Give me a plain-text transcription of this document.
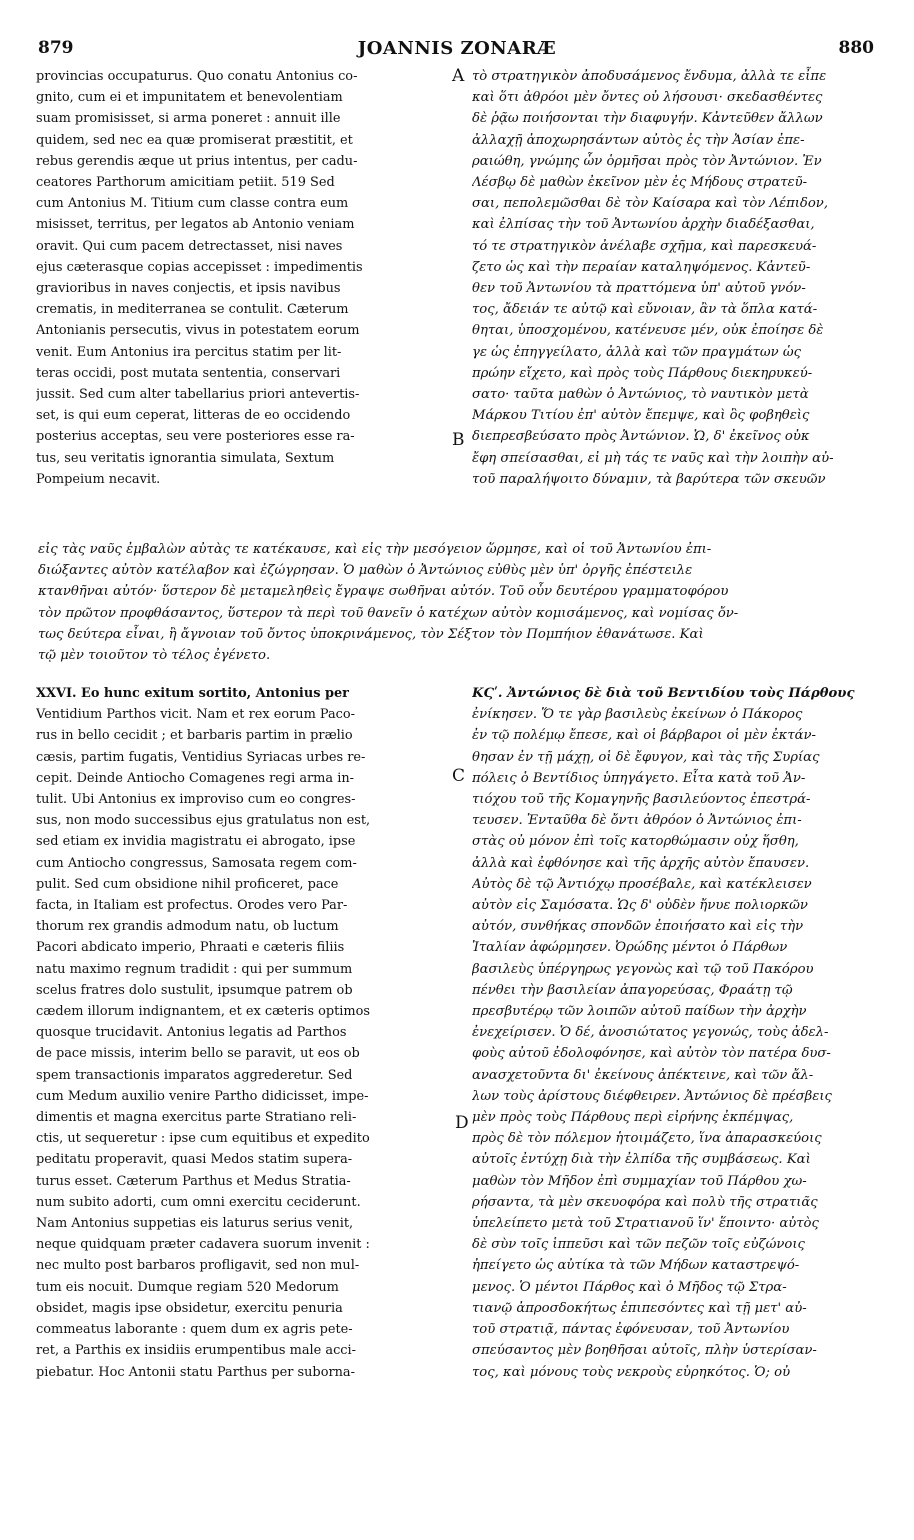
879	JOANNIS ZONARÆ	880
A
B
C
D
provincias occupaturus. Quo conatu Antonius co-
gnito, cum ei et impunitatem et benevolentiam
suam promisisset, si arma poneret : annuit ille
quidem, sed nec ea quæ promiserat præstitit, et
rebus gerendis æque ut prius intentus, per cadu-
ceatores Parthorum amicitiam petiit. 519 Sed
cum Antonius M. Titium cum classe contra eum
misisset, territus, per legatos ab Antonio veniam
oravit. Qui cum pacem detrectasset, nisi naves
ejus cæterasque copias accepisset : impedimentis
gravioribus in naves conjectis, et ipsis navibus
crematis, in mediterranea se contulit. Cæterum
Antonianis persecutis, vivus in potestatem eorum
venit. Eum Antonius ira percitus statim per lit-
teras occidi, post mutata sententia, conservari
jussit. Sed cum alter tabellarius priori antevertis-
set, is qui eum ceperat, litteras de eo occidendo
posterius acceptas, seu vere posteriores esse ra-
tus, seu veritatis ignorantia simulata, Sextum
Pompeium necavit.
τὸ στρατηγικὸν ἀποδυσάμενος ἔνδυμα, ἀλλὰ τε εἶπε
καὶ ὅτι ἀθρόοι μὲν ὄντες οὐ λήσουσι· σκεδασθέντες
δὲ ῥᾷω ποιήσονται τὴν διαφυγήν. Κἀντεῦθεν ἄλλων
ἀλλαχῇ ἀποχωρησάντων αὐτὸς ἐς τὴν Ἀσίαν ἐπε-
ραιώθη, γνώμης ὧν ὁρμῆσαι πρὸς τὸν Ἀντώνιον. Ἐν
Λέσβῳ δὲ μαθὼν ἐκεῖνον μὲν ἐς Μήδους στρατεῦ-
σαι, πεπολεμῶσθαι δὲ τὸν Καίσαρα καὶ τὸν Λέπιδον,
καὶ ἐλπίσας τὴν τοῦ Ἀντωνίου ἀρχὴν διαδέξασθαι,
τό τε στρατηγικὸν ἀνέλαβε σχῆμα, καὶ παρεσκευά-
ζετο ὡς καὶ τὴν περαίαν καταληψόμενος. Κἀντεῦ-
θεν τοῦ Ἀντωνίου τὰ πραττόμενα ὑπ' αὐτοῦ γνόν-
τος, ἄδειάν τε αὐτῷ καὶ εὔνοιαν, ἂν τὰ ὅπλα κατά-
θηται, ὑποσχομένου, κατένευσε μέν, οὐκ ἐποίησε δὲ
γε ὡς ἐπηγγείλατο, ἀλλὰ καὶ τῶν πραγμάτων ὡς
πρώην εἴχετο, καὶ πρὸς τοὺς Πάρθους διεκηρυκεύ-
σατο· ταῦτα μαθὼν ὁ Ἀντώνιος, τὸ ναυτικὸν μετὰ
Μάρκου Τιτίου ἐπ' αὐτὸν ἔπεμψε, καὶ ὃς φοβηθεὶς
διεπρεσβεύσατο πρὸς Ἀντώνιον. Ὡ, δ' ἐκεῖνος οὐκ
ἔφη σπείσασθαι, εἰ μὴ τάς τε ναῦς καὶ τὴν λοιπὴν αὐ-
τοῦ παραλήψοιτο δύναμιν, τὰ βαρύτερα τῶν σκευῶν
εἰς τὰς ναῦς ἐμβαλὼν αὐτὰς τε κατέκαυσε, καὶ εἰς τὴν μεσόγειον ὥρμησε, καὶ οἱ τοῦ Ἀντωνίου ἐπι-
διώξαντες αὐτὸν κατέλαβον καὶ ἐζώγρησαν. Ὁ μαθὼν ὁ Ἀντώνιος εὐθὺς μὲν ὑπ' ὀργῆς ἐπέστειλε
κτανθῆναι αὐτόν· ὕστερον δὲ μεταμεληθεὶς ἔγραψε σωθῆναι αὐτόν. Τοῦ οὖν δευτέρου γραμματοφόρου
τὸν πρῶτον προφθάσαντος, ὕστερον τὰ περὶ τοῦ θανεῖν ὁ κατέχων αὐτὸν κομισάμενος, καὶ νομίσας ὄν-
τως δεύτερα εἶναι, ἢ ἄγνοιαν τοῦ ὄντος ὑποκρινάμενος, τὸν Σέξτον τὸν Πομπήιον ἐθανάτωσε. Καὶ
τῷ μὲν τοιοῦτον τὸ τέλος ἐγένετο.
XXVI. Eo hunc exitum sortito, Antonius per
Ventidium Parthos vicit. Nam et rex eorum Paco-
rus in bello cecidit ; et barbaris partim in prælio
cæsis, partim fugatis, Ventidius Syriacas urbes re-
cepit. Deinde Antiocho Comagenes regi arma in-
tulit. Ubi Antonius ex improviso cum eo congres-
sus, non modo successibus ejus gratulatus non est,
sed etiam ex invidia magistratu ei abrogato, ipse
cum Antiocho congressus, Samosata regem com-
pulit. Sed cum obsidione nihil proficeret, pace
facta, in Italiam est profectus. Orodes vero Par-
thorum rex grandis admodum natu, ob luctum
Pacori abdicato imperio, Phraati e cæteris filiis
natu maximo regnum tradidit : qui per summum
scelus fratres dolo sustulit, ipsumque patrem ob
cædem illorum indignantem, et ex cæteris optimos
quosque trucidavit. Antonius legatis ad Parthos
de pace missis, interim bello se paravit, ut eos ob
spem transactionis imparatos aggrederetur. Sed
cum Medum auxilio venire Partho didicisset, impe-
dimentis et magna exercitus parte Stratiano reli-
ctis, ut sequeretur : ipse cum equitibus et expedito
peditatu properavit, quasi Medos statim supera-
turus esset. Cæterum Parthus et Medus Stratia-
num subito adorti, cum omni exercitu ceciderunt.
Nam Antonius suppetias eis laturus serius venit,
neque quidquam præter cadavera suorum invenit :
nec multo post barbaros profligavit, sed non mul-
tum eis nocuit. Dumque regiam 520 Medorum
obsidet, magis ipse obsidetur, exercitu penuria
commeatus laborante : quem dum ex agris pete-
ret, a Parthis ex insidiis erumpentibus male acci-
piebatur. Hoc Antonii statu Parthus per suborna-
ΚϚʹ. Ἀντώνιος δὲ διὰ τοῦ Βεντιδίου τοὺς Πάρθους
ἐνίκησεν. Ὅ τε γὰρ βασιλεὺς ἐκείνων ὁ Πάκορος
ἐν τῷ πολέμῳ ἔπεσε, καὶ οἱ βάρβαροι οἱ μὲν ἐκτάν-
θησαν ἐν τῇ μάχῃ, οἱ δὲ ἔφυγον, καὶ τὰς τῆς Συρίας
πόλεις ὁ Βεντίδιος ὑπηγάγετο. Εἶτα κατὰ τοῦ Ἀν-
τιόχου τοῦ τῆς Κομαγηνῆς βασιλεύοντος ἐπεστρά-
τευσεν. Ἐνταῦθα δὲ ὄντι ἀθρόον ὁ Ἀντώνιος ἐπι-
στὰς οὐ μόνον ἐπὶ τοῖς κατορθώμασιν οὐχ ἥσθη,
ἀλλὰ καὶ ἐφθόνησε καὶ τῆς ἀρχῆς αὐτὸν ἔπαυσεν.
Αὐτὸς δὲ τῷ Ἀντιόχῳ προσέβαλε, καὶ κατέκλεισεν
αὐτὸν εἰς Σαμόσατα. Ὡς δ' οὐδὲν ἤνυε πολιορκῶν
αὐτόν, συνθήκας σπονδῶν ἐποιήσατο καὶ εἰς τὴν
Ἰταλίαν ἀφώρμησεν. Ὀρώδης μέντοι ὁ Πάρθων
βασιλεὺς ὑπέργηρως γεγονὼς καὶ τῷ τοῦ Πακόρου
πένθει τὴν βασιλείαν ἀπαγορεύσας, Φραάτῃ τῷ
πρεσβυτέρῳ τῶν λοιπῶν αὐτοῦ παίδων τὴν ἀρχὴν
ἐνεχείρισεν. Ὁ δέ, ἀνοσιώτατος γεγονώς, τοὺς ἀδελ-
φοὺς αὐτοῦ ἐδολοφόνησε, καὶ αὐτὸν τὸν πατέρα δυσ-
ανασχετοῦντα δι' ἐκείνους ἀπέκτεινε, καὶ τῶν ἄλ-
λων τοὺς ἀρίστους διέφθειρεν. Ἀντώνιος δὲ πρέσβεις
μὲν πρὸς τοὺς Πάρθους περὶ εἰρήνης ἐκπέμψας,
πρὸς δὲ τὸν πόλεμον ἡτοιμάζετο, ἵνα ἀπαρασκεύοις
αὐτοῖς ἐντύχῃ διὰ τὴν ἐλπίδα τῆς συμβάσεως. Καὶ
μαθὼν τὸν Μῆδον ἐπὶ συμμαχίαν τοῦ Πάρθου χω-
ρήσαντα, τὰ μὲν σκευοφόρα καὶ πολὺ τῆς στρατιᾶς
ὑπελείπετο μετὰ τοῦ Στρατιανοῦ ἵν' ἕποιντο· αὐτὸς
δὲ σὺν τοῖς ἱππεῦσι καὶ τῶν πεζῶν τοῖς εὐζώνοις
ἠπείγετο ὡς αὐτίκα τὰ τῶν Μήδων καταστρεψό-
μενος. Ὁ μέντοι Πάρθος καὶ ὁ Μῆδος τῷ Στρα-
τιανῷ ἀπροσδοκήτως ἐπιπεσόντες καὶ τῇ μετ' αὐ-
τοῦ στρατιᾷ, πάντας ἐφόνευσαν, τοῦ Ἀντωνίου
σπεύσαντος μὲν βοηθῆσαι αὐτοῖς, πλὴν ὑστερίσαν-
τος, καὶ μόνους τοὺς νεκροὺς εὑρηκότος. Ὁ; οὐ
